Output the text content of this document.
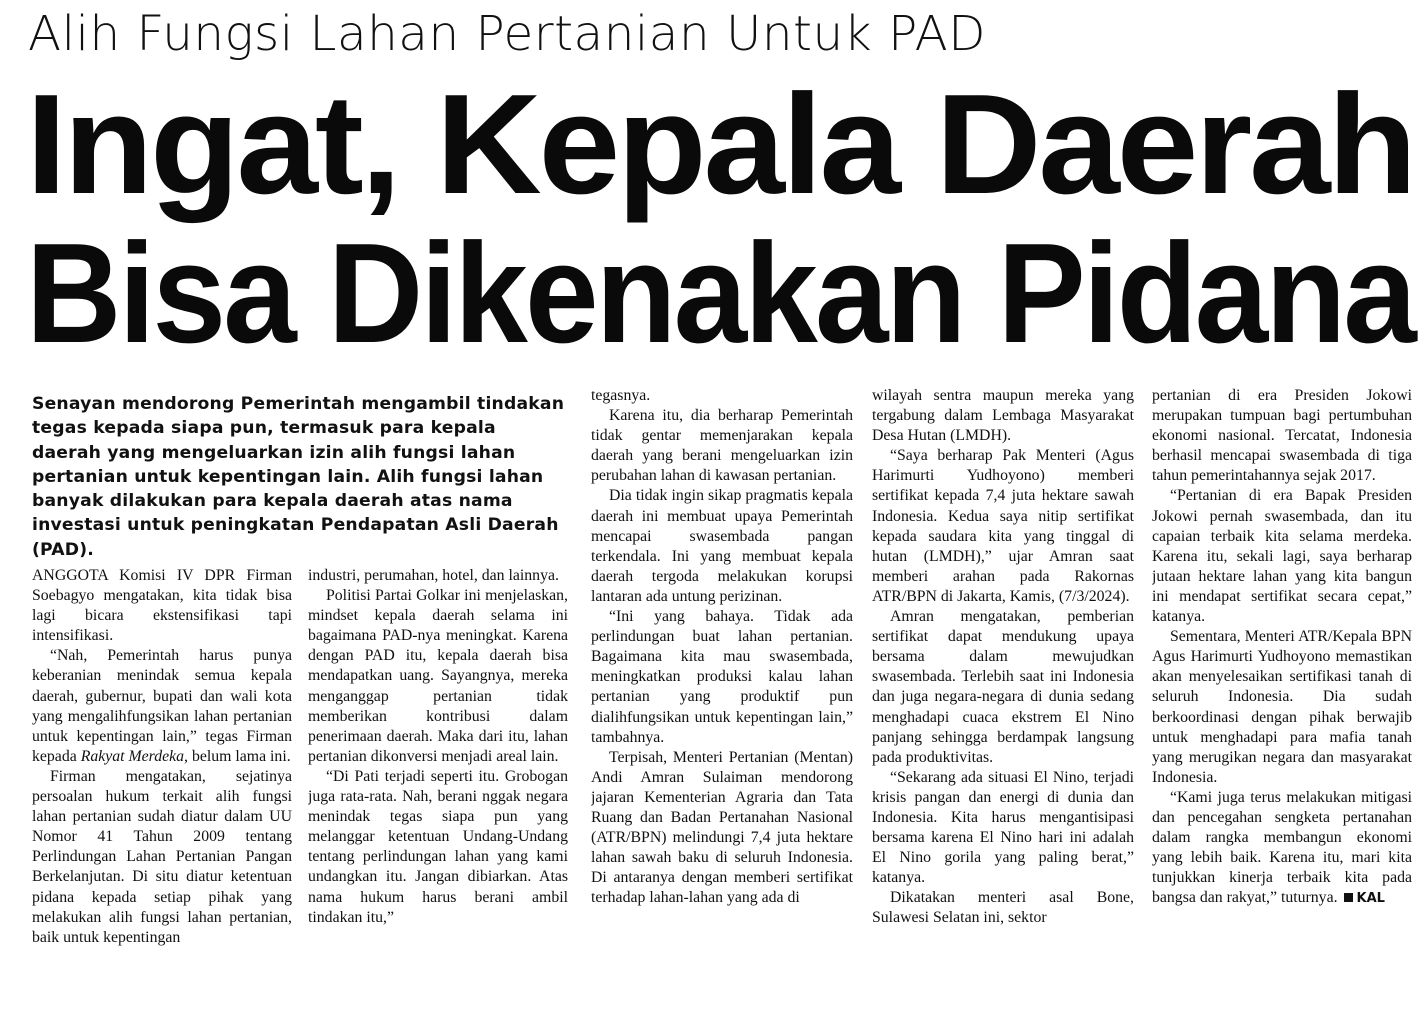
Alih Fungsi Lahan Pertanian Untuk PAD
Ingat, Kepala Daerah
Bisa Dikenakan Pidana

Senayan mendorong Pemerintah mengambil tindakan tegas kepada siapa pun, termasuk para kepala daerah yang mengeluarkan izin alih fungsi lahan pertanian untuk kepentingan lain. Alih fungsi lahan banyak dilakukan para kepala daerah atas nama investasi untuk peningkatan Pendapatan Asli Daerah (PAD).

ANGGOTA Komisi IV DPR Firman Soebagyo mengatakan, kita tidak bisa lagi bicara ekstensifikasi tapi intensifikasi.

“Nah, Pemerintah harus punya keberanian menindak semua kepala daerah, gubernur, bupati dan wali kota yang mengalihfungsikan lahan pertanian untuk kepentingan lain,” tegas Firman kepada Rakyat Merdeka, belum lama ini.

Firman mengatakan, sejatinya persoalan hukum terkait alih fungsi lahan pertanian sudah diatur dalam UU Nomor 41 Tahun 2009 tentang Perlindungan Lahan Pertanian Pangan Berkelanjutan. Di situ diatur ketentuan pidana kepada setiap pihak yang melakukan alih fungsi lahan pertanian, baik untuk kepentingan

industri, perumahan, hotel, dan lainnya.

Politisi Partai Golkar ini menjelaskan, mindset kepala daerah selama ini bagaimana PAD-nya meningkat. Karena dengan PAD itu, kepala daerah bisa mendapatkan uang. Sayangnya, mereka menganggap pertanian tidak memberikan kontribusi dalam penerimaan daerah. Maka dari itu, lahan pertanian dikonversi menjadi areal lain.

“Di Pati terjadi seperti itu. Grobogan juga rata-rata. Nah, berani nggak negara menindak tegas siapa pun yang melanggar ketentuan Undang-Undang tentang perlindungan lahan yang kami undangkan itu. Jangan dibiarkan. Atas nama hukum harus berani ambil tindakan itu,”

tegasnya.

Karena itu, dia berharap Pemerintah tidak gentar memenjarakan kepala daerah yang berani mengeluarkan izin perubahan lahan di kawasan pertanian.

Dia tidak ingin sikap pragmatis kepala daerah ini membuat upaya Pemerintah mencapai swasembada pangan terkendala. Ini yang membuat kepala daerah tergoda melakukan korupsi lantaran ada untung perizinan.

“Ini yang bahaya. Tidak ada perlindungan buat lahan pertanian. Bagaimana kita mau swasembada, meningkatkan produksi kalau lahan pertanian yang produktif pun dialihfungsikan untuk kepentingan lain,” tambahnya.

Terpisah, Menteri Pertanian (Mentan) Andi Amran Sulaiman mendorong jajaran Kementerian Agraria dan Tata Ruang dan Badan Pertanahan Nasional (ATR/BPN) melindungi 7,4 juta hektare lahan sawah baku di seluruh Indonesia. Di antaranya dengan memberi sertifikat terhadap lahan-lahan yang ada di

wilayah sentra maupun mereka yang tergabung dalam Lembaga Masyarakat Desa Hutan (LMDH).

“Saya berharap Pak Menteri (Agus Harimurti Yudhoyono) memberi sertifikat kepada 7,4 juta hektare sawah Indonesia. Kedua saya nitip sertifikat kepada saudara kita yang tinggal di hutan (LMDH),” ujar Amran saat memberi arahan pada Rakornas ATR/BPN di Jakarta, Kamis, (7/3/2024).

Amran mengatakan, pemberian sertifikat dapat mendukung upaya bersama dalam mewujudkan swasembada. Terlebih saat ini Indonesia dan juga negara-negara di dunia sedang menghadapi cuaca ekstrem El Nino panjang sehingga berdampak langsung pada produktivitas.

“Sekarang ada situasi El Nino, terjadi krisis pangan dan energi di dunia dan Indonesia. Kita harus mengantisipasi bersama karena El Nino hari ini adalah El Nino gorila yang paling berat,” katanya.

Dikatakan menteri asal Bone, Sulawesi Selatan ini, sektor

pertanian di era Presiden Jokowi merupakan tumpuan bagi pertumbuhan ekonomi nasional. Tercatat, Indonesia berhasil mencapai swasembada di tiga tahun pemerintahannya sejak 2017.

“Pertanian di era Bapak Presiden Jokowi pernah swasembada, dan itu capaian terbaik kita selama merdeka. Karena itu, sekali lagi, saya berharap jutaan hektare lahan yang kita bangun ini mendapat sertifikat secara cepat,” katanya.

Sementara, Menteri ATR/Kepala BPN Agus Harimurti Yudhoyono memastikan akan menyelesaikan sertifikasi tanah di seluruh Indonesia. Dia sudah berkoordinasi dengan pihak berwajib untuk menghadapi para mafia tanah yang merugikan negara dan masyarakat Indonesia.

“Kami juga terus melakukan mitigasi dan pencegahan sengketa pertanahan dalam rangka membangun ekonomi yang lebih baik. Karena itu, mari kita tunjukkan kinerja terbaik kita pada bangsa dan rakyat,” tuturnya. KAL
